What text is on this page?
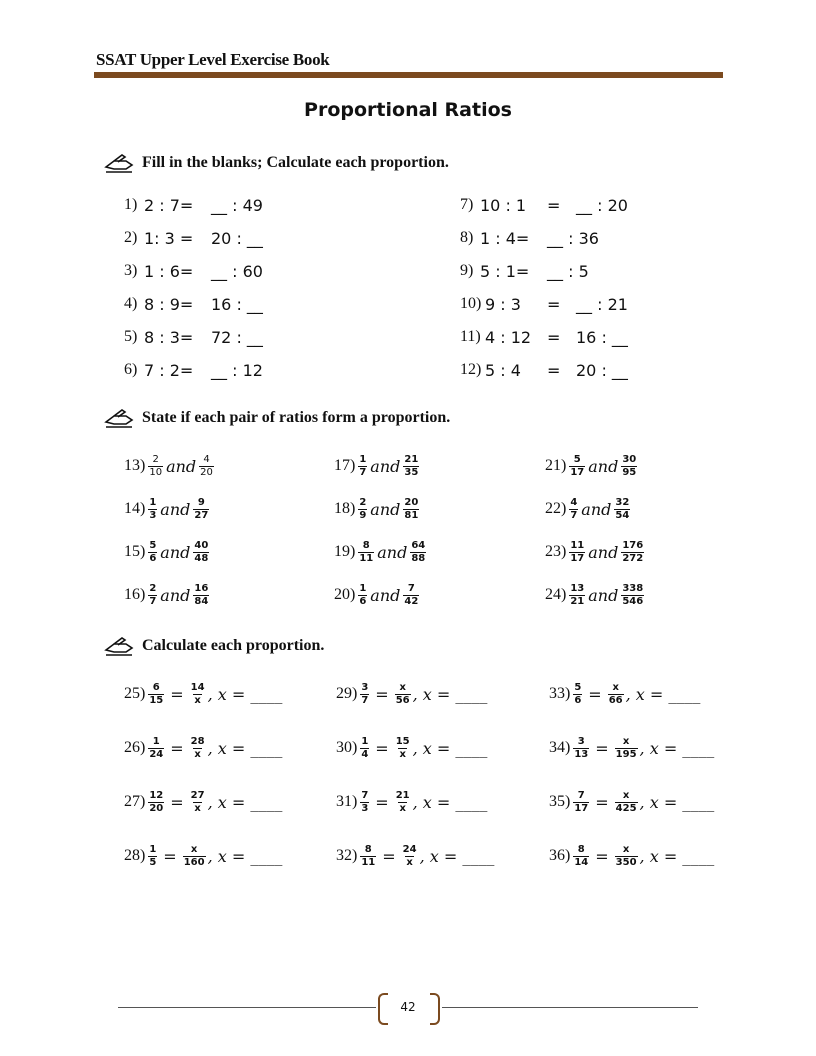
SSAT Upper Level Exercise Book
Proportional Ratios
Fill in the blanks; Calculate each proportion.
1) 2 : 7= __ : 49
2) 1: 3 = 20 : __
3) 1 : 6= __ : 60
4) 8 : 9= 16 : __
5) 8 : 3= 72 : __
6) 7 : 2= __ : 12
7) 10 : 1 = __ : 20
8) 1 : 4= __ : 36
9) 5 : 1= __ : 5
10) 9 : 3 = __ : 21
11) 4 : 12 = 16 : __
12) 5 : 4 = 20 : __
State if each pair of ratios form a proportion.
$13) \frac{2}{10}$ and $\frac{4}{20}$
$14) \frac{1}{3}$ and $\frac{9}{27}$
$15) \frac{5}{6}$ and $\frac{40}{48}$
$16) \frac{2}{7}$ and $\frac{16}{84}$
$17) \frac{1}{7}$ and $\frac{21}{35}$
$18) \frac{2}{9}$ and $\frac{20}{81}$
$19) \frac{8}{11}$ and $\frac{64}{88}$
$20) \frac{1}{6}$ and $\frac{7}{42}$
$21) \frac{5}{17}$ and $\frac{30}{95}$
$22) \frac{4}{7}$ and $\frac{32}{54}$
$23) \frac{11}{17}$ and $\frac{176}{272}$
$24) \frac{13}{21}$ and $\frac{338}{546}$
Calculate each proportion.
$25) \frac{6}{15} = \frac{14}{x}$ , x = ____
$26) \frac{1}{24} = \frac{28}{x}$ , x = ____
$27) \frac{12}{20} = \frac{27}{x}$ , x = ____
$28) \frac{1}{5} = \frac{x}{160}$ , x = ____
$29) \frac{3}{7} = \frac{x}{56}$ , x = ____
$30) \frac{1}{4} = \frac{15}{x}$ , x = ____
$31) \frac{7}{3} = \frac{21}{x}$ , x = ____
$32) \frac{8}{11} = \frac{24}{x}$ , x = ____
$33) \frac{5}{6} = \frac{x}{66}$ , x = ____
$34) \frac{3}{13} = \frac{x}{195}$ , x = ____
$35) \frac{7}{17} = \frac{x}{425}$ , x = ____
$36) \frac{8}{14} = \frac{x}{350}$ , x = ____
42
